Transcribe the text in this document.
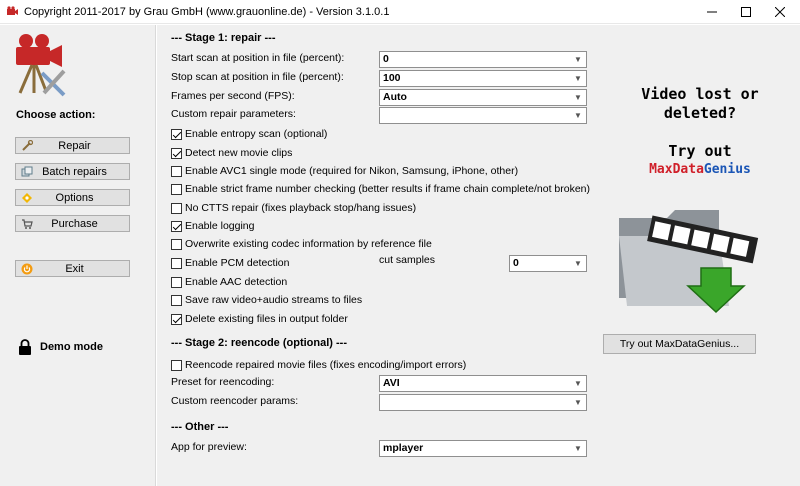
Copyright 2011-2017 by Grau GmbH (www.grauonline.de) - Version 3.1.0.1
Choose action:
Repair
Batch repairs
Options
Purchase
Exit
Demo mode
--- Stage 1: repair ---
Start scan at position in file (percent):	0	▼
Stop scan at position in file (percent):	100	▼
Frames per second (FPS):	Auto	▼
Custom repair parameters:	▼
Enable entropy scan (optional)
Detect new movie clips
Enable AVC1 single mode (required for Nikon, Samsung, iPhone, other)
Enable strict frame number checking (better results if frame chain complete/not broken)
No CTTS repair (fixes playback stop/hang issues)
Enable logging
Overwrite existing codec information by reference file
Enable PCM detection	cut samples	0	▼
Enable AAC detection
Save raw video+audio streams to files
Delete existing files in output folder
--- Stage 2: reencode (optional) ---
Reencode repaired movie files (fixes encoding/import errors)
Preset for reencoding:	AVI	▼
Custom reencoder params:	▼
--- Other ---
App for preview:	mplayer	▼
Video lost or
deleted?
Try out
MaxDataGenius
Try out MaxDataGenius...
